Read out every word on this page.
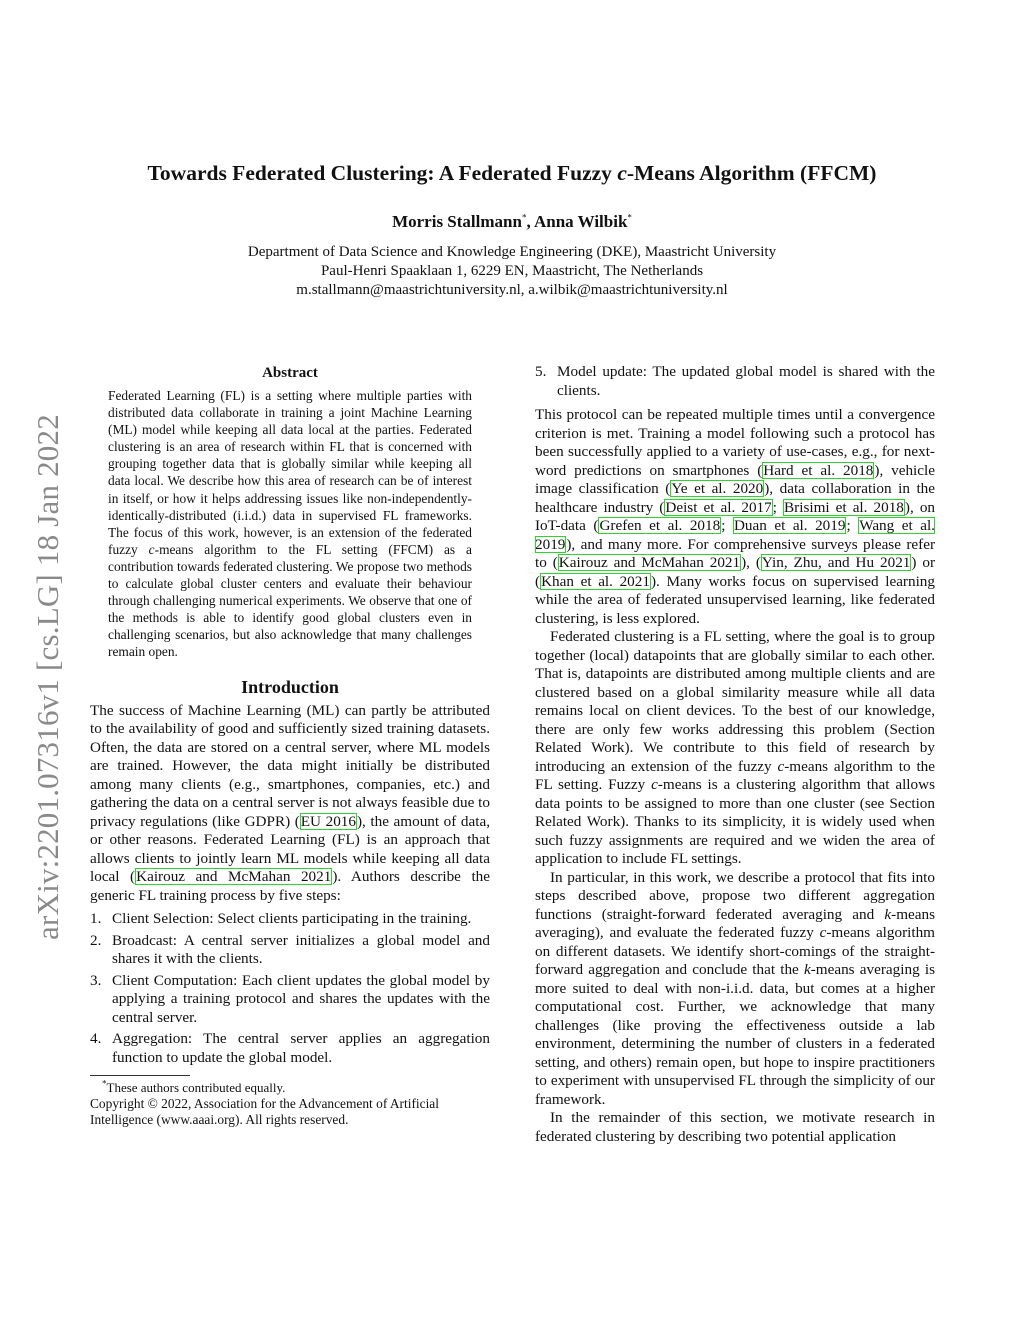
Towards Federated Clustering: A Federated Fuzzy c-Means Algorithm (FFCM)
Morris Stallmann*, Anna Wilbik*
Department of Data Science and Knowledge Engineering (DKE), Maastricht University
Paul-Henri Spaaklaan 1, 6229 EN, Maastricht, The Netherlands
m.stallmann@maastrichtuniversity.nl, a.wilbik@maastrichtuniversity.nl
arXiv:2201.07316v1 [cs.LG] 18 Jan 2022
Abstract
Federated Learning (FL) is a setting where multiple parties with distributed data collaborate in training a joint Machine Learning (ML) model while keeping all data local at the parties. Federated clustering is an area of research within FL that is concerned with grouping together data that is globally similar while keeping all data local. We describe how this area of research can be of interest in itself, or how it helps addressing issues like non-independently-identically-distributed (i.i.d.) data in supervised FL frameworks. The focus of this work, however, is an extension of the federated fuzzy c-means algorithm to the FL setting (FFCM) as a contribution towards federated clustering. We propose two methods to calculate global cluster centers and evaluate their behaviour through challenging numerical experiments. We observe that one of the methods is able to identify good global clusters even in challenging scenarios, but also acknowledge that many challenges remain open.
Introduction

The success of Machine Learning (ML) can partly be attributed to the availability of good and sufficiently sized training datasets. Often, the data are stored on a central server, where ML models are trained. However, the data might initially be distributed among many clients (e.g., smartphones, companies, etc.) and gathering the data on a central server is not always feasible due to privacy regulations (like GDPR) (EU 2016), the amount of data, or other reasons. Federated Learning (FL) is an approach that allows clients to jointly learn ML models while keeping all data local (Kairouz and McMahan 2021). Authors describe the generic FL training process by five steps:

1. Client Selection: Select clients participating in the training.
2. Broadcast: A central server initializes a global model and shares it with the clients.
3. Client Computation: Each client updates the global model by applying a training protocol and shares the updates with the central server.
4. Aggregation: The central server applies an aggregation function to update the global model.
*These authors contributed equally.
Copyright © 2022, Association for the Advancement of Artificial
Intelligence (www.aaai.org). All rights reserved.
5. Model update: The updated global model is shared with the clients.

This protocol can be repeated multiple times until a convergence criterion is met. Training a model following such a protocol has been successfully applied to a variety of use-cases, e.g., for next-word predictions on smartphones (Hard et al. 2018), vehicle image classification (Ye et al. 2020), data collaboration in the healthcare industry (Deist et al. 2017; Brisimi et al. 2018), on IoT-data (Grefen et al. 2018; Duan et al. 2019; Wang et al. 2019), and many more. For comprehensive surveys please refer to (Kairouz and McMahan 2021), (Yin, Zhu, and Hu 2021) or (Khan et al. 2021). Many works focus on supervised learning while the area of federated unsupervised learning, like federated clustering, is less explored.

Federated clustering is a FL setting, where the goal is to group together (local) datapoints that are globally similar to each other. That is, datapoints are distributed among multiple clients and are clustered based on a global similarity measure while all data remains local on client devices. To the best of our knowledge, there are only few works addressing this problem (Section Related Work). We contribute to this field of research by introducing an extension of the fuzzy c-means algorithm to the FL setting. Fuzzy c-means is a clustering algorithm that allows data points to be assigned to more than one cluster (see Section Related Work). Thanks to its simplicity, it is widely used when such fuzzy assignments are required and we widen the area of application to include FL settings.

In particular, in this work, we describe a protocol that fits into steps described above, propose two different aggregation functions (straight-forward federated averaging and k-means averaging), and evaluate the federated fuzzy c-means algorithm on different datasets. We identify short-comings of the straight-forward aggregation and conclude that the k-means averaging is more suited to deal with non-i.i.d. data, but comes at a higher computational cost. Further, we acknowledge that many challenges (like proving the effectiveness outside a lab environment, determining the number of clusters in a federated setting, and others) remain open, but hope to inspire practitioners to experiment with unsupervised FL through the simplicity of our framework.

In the remainder of this section, we motivate research in federated clustering by describing two potential application
